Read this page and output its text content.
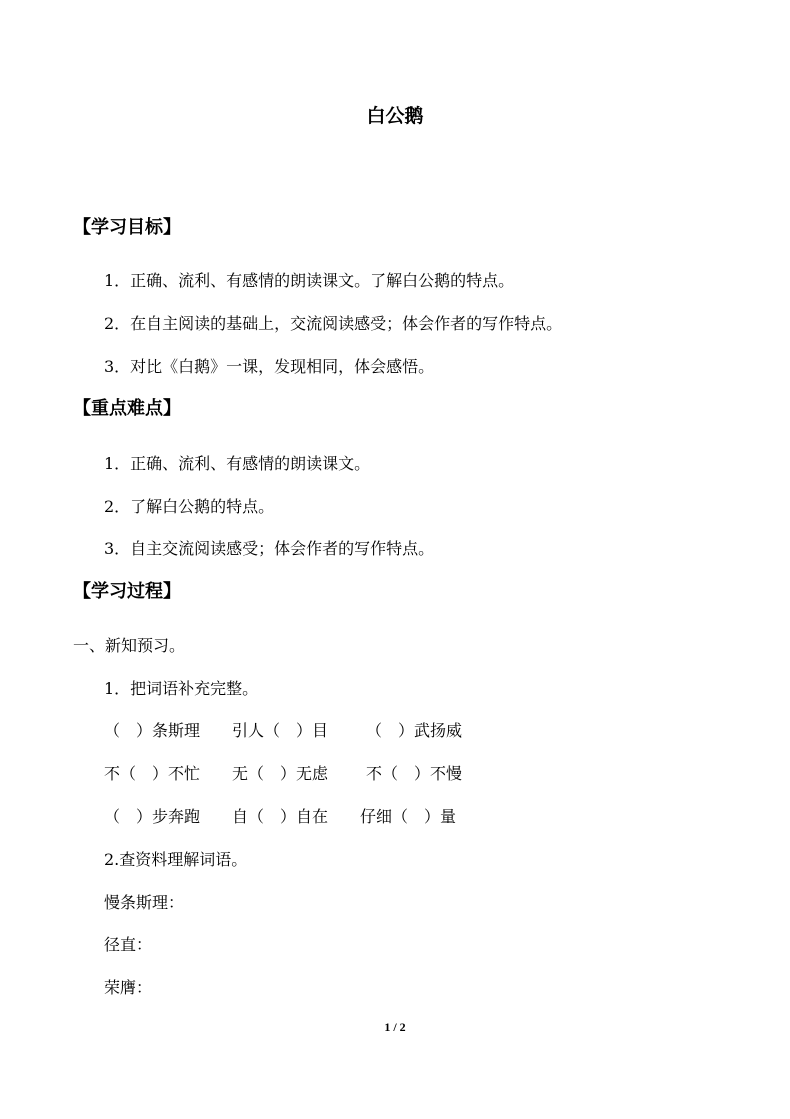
白公鹅
【学习目标】
1．正确、流利、有感情的朗读课文。了解白公鹅的特点。
2．在自主阅读的基础上，交流阅读感受；体会作者的写作特点。
3．对比《白鹅》一课，发现相同，体会感悟。
【重点难点】
1．正确、流利、有感情的朗读课文。
2．了解白公鹅的特点。
3．自主交流阅读感受；体会作者的写作特点。
【学习过程】
一、新知预习。
1．把词语补充完整。
（　）条斯理 引人（　）目 （　）武扬威
不（　）不忙 无（　）无虑 不（　）不慢
（　）步奔跑 自（　）自在 仔细（　）量
2.查资料理解词语。
慢条斯理：
径直：
荣膺：
1 / 2
